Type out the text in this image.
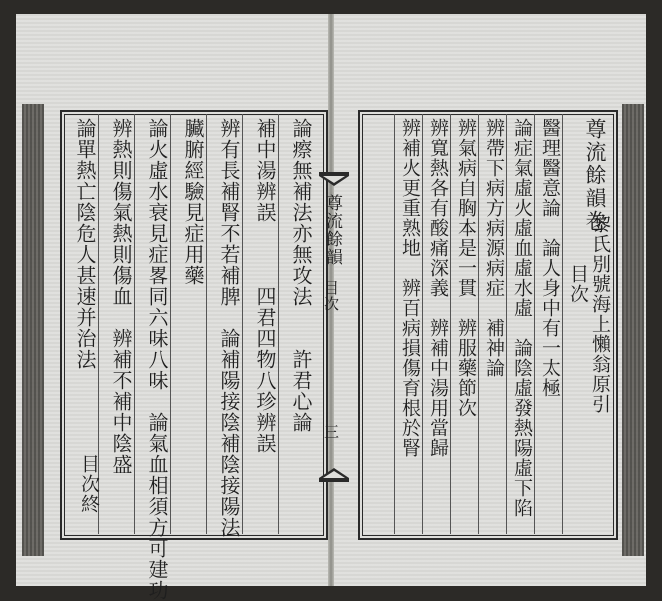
論瘵無補法亦無攻法　　許君心論
補中湯辨誤　　　四君四物八珍辨誤
辨有長補腎不若補脾　論補陽接陰補陰接陽法
臟腑經驗見症用藥
論火虛水衰見症畧同六味八味　論氣血相須方可建功
辨熱則傷氣熱則傷血　辨補不補中陰盛
論單熱亡陰危人甚速并治法
目次終
尊流餘韻卷
黎氏別號海上懶翁原引
目次
醫理醫意論　論人身中有一太極
論症氣虛火虛血虛水虛　論陰虛發熱陽虛下陷
辨帶下病方病源病症　補神論
辨氣病自胸本是一貫　辨服藥節次
辨寬熱各有酸痛深義　辨補中湯用當歸
辨補火更重熟地　辨百病損傷育根於腎
尊流餘韻
目次
三
